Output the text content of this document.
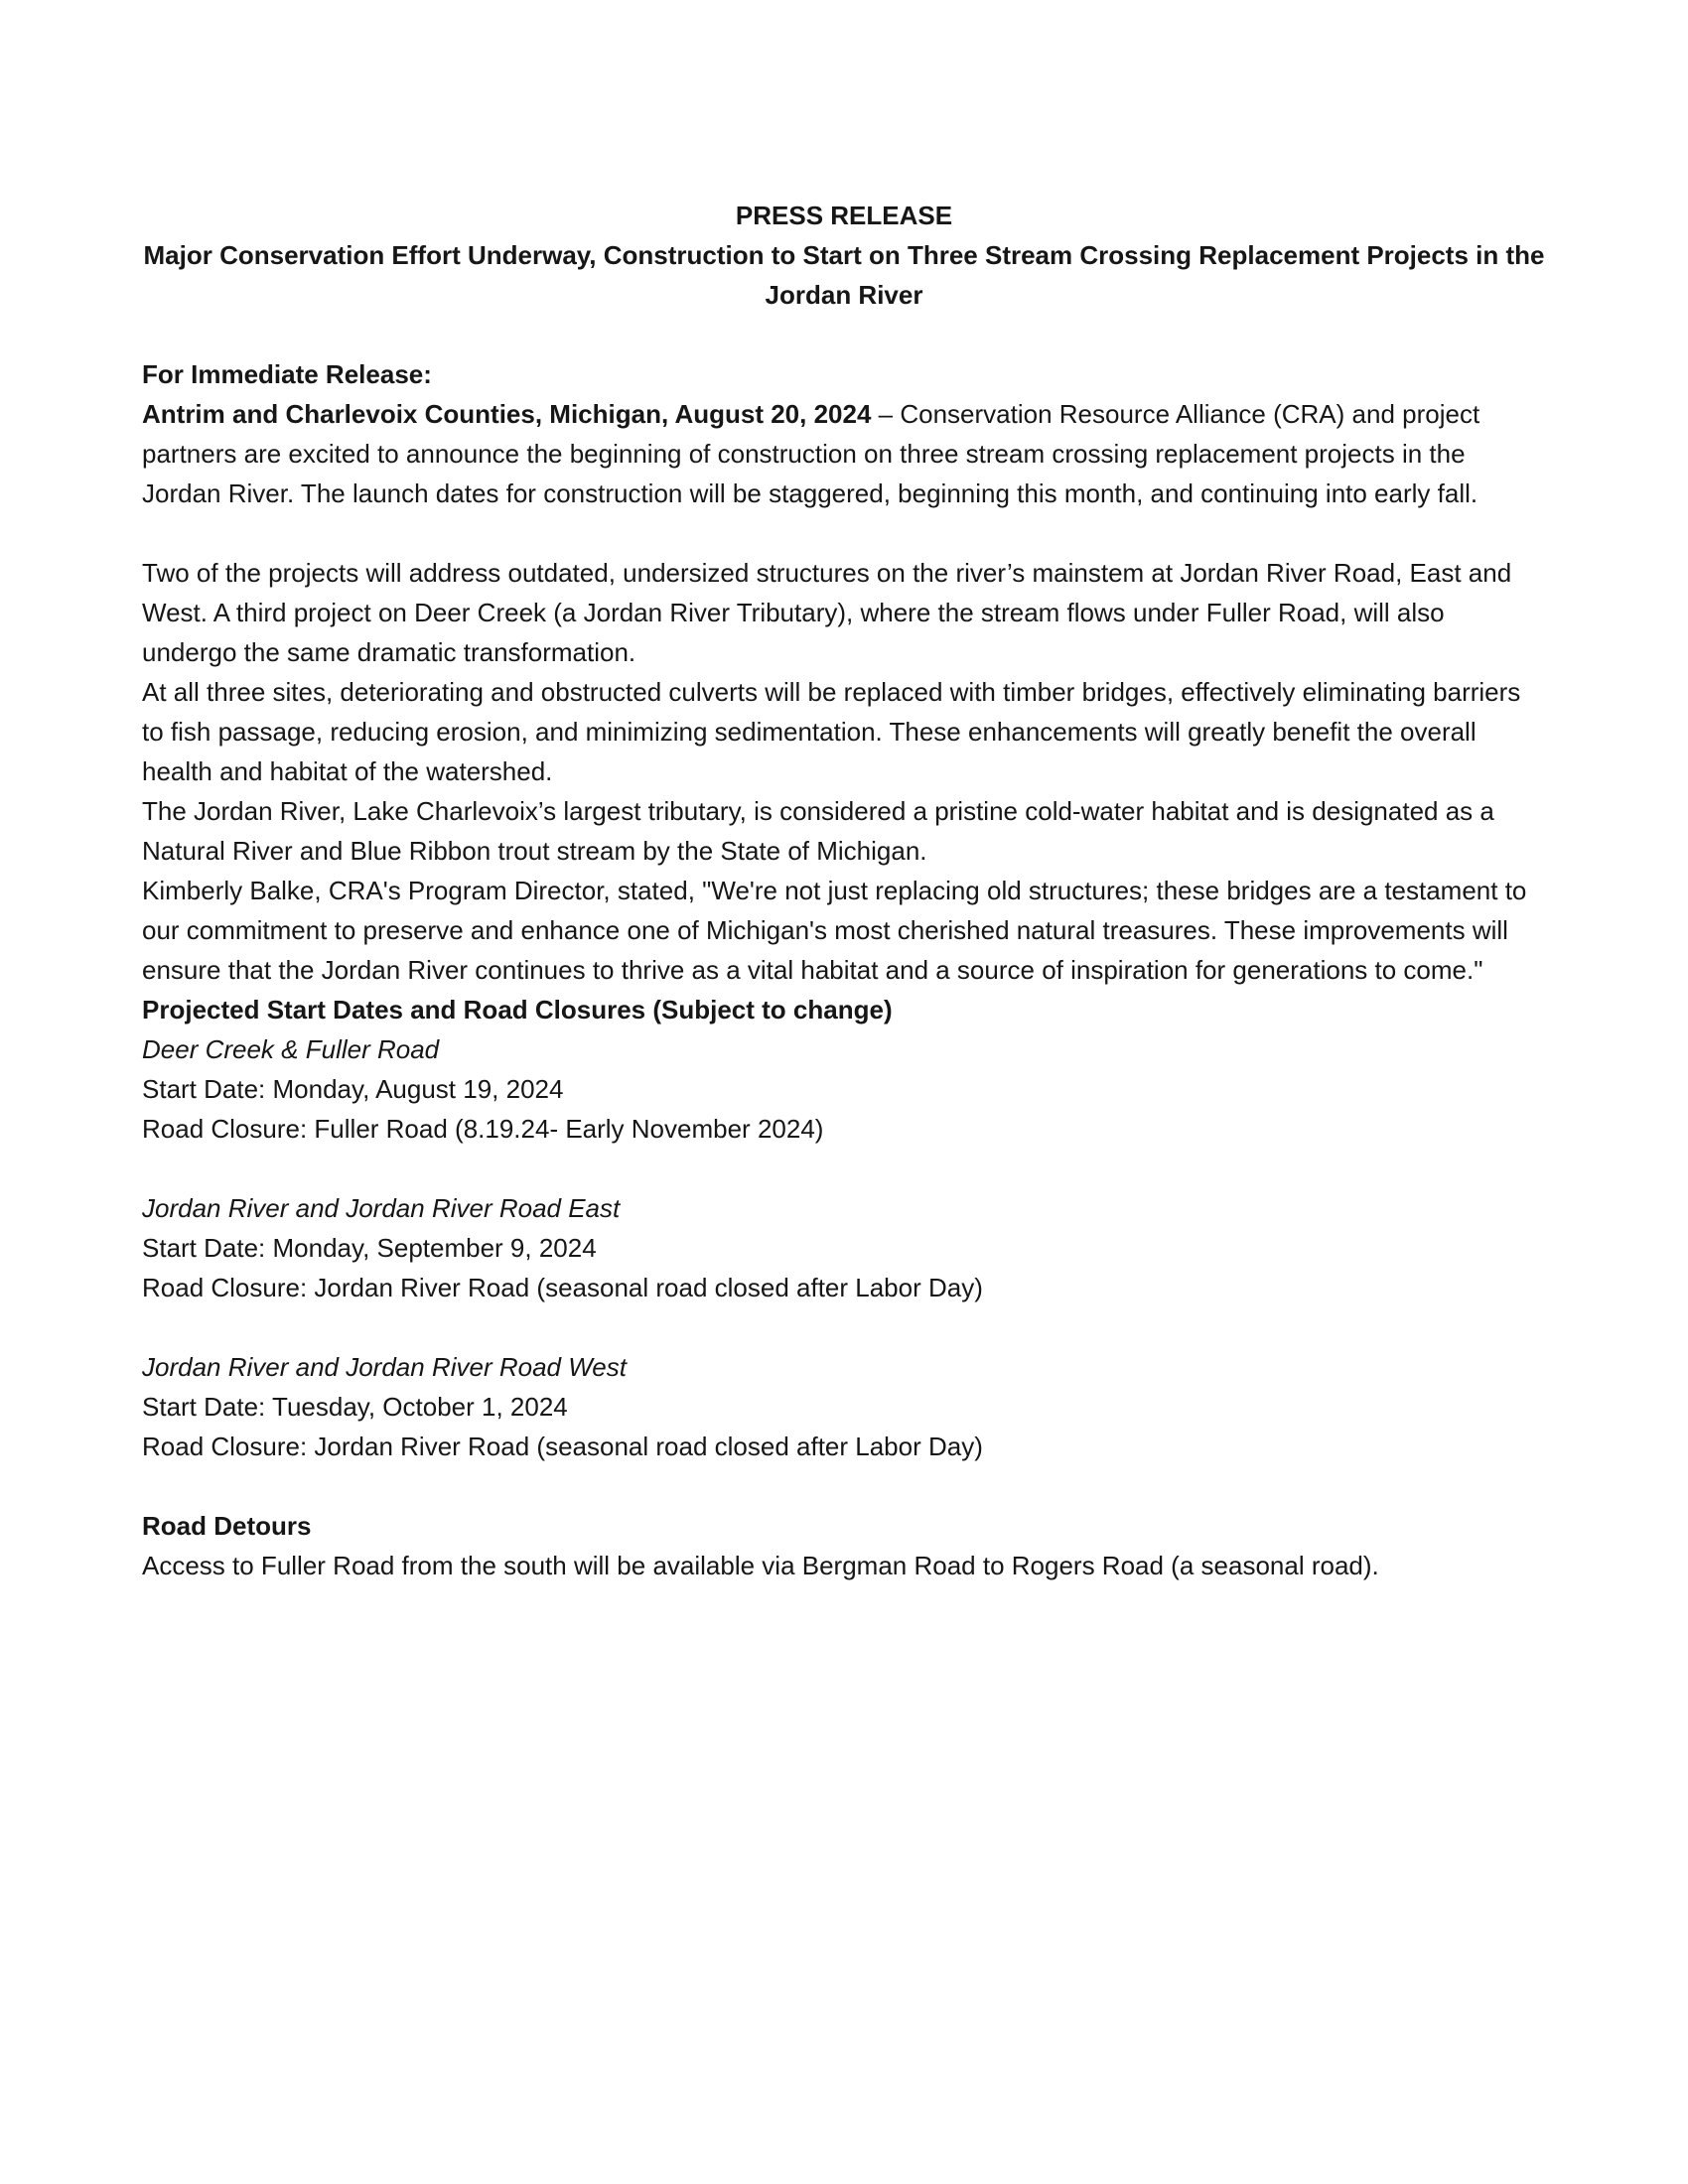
PRESS RELEASE

Major Conservation Effort Underway, Construction to Start on Three Stream Crossing Replacement Projects in the Jordan River

For Immediate Release:

Antrim and Charlevoix Counties, Michigan, August 20, 2024 – Conservation Resource Alliance (CRA) and project partners are excited to announce the beginning of construction on three stream crossing replacement projects in the Jordan River. The launch dates for construction will be staggered, beginning this month, and continuing into early fall.

Two of the projects will address outdated, undersized structures on the river’s mainstem at Jordan River Road, East and West. A third project on Deer Creek (a Jordan River Tributary), where the stream flows under Fuller Road, will also undergo the same dramatic transformation.

At all three sites, deteriorating and obstructed culverts will be replaced with timber bridges, effectively eliminating barriers to fish passage, reducing erosion, and minimizing sedimentation. These enhancements will greatly benefit the overall health and habitat of the watershed.

The Jordan River, Lake Charlevoix’s largest tributary, is considered a pristine cold-water habitat and is designated as a Natural River and Blue Ribbon trout stream by the State of Michigan.

Kimberly Balke, CRA's Program Director, stated, "We're not just replacing old structures; these bridges are a testament to our commitment to preserve and enhance one of Michigan's most cherished natural treasures. These improvements will ensure that the Jordan River continues to thrive as a vital habitat and a source of inspiration for generations to come."

Projected Start Dates and Road Closures (Subject to change)

Deer Creek & Fuller Road

Start Date: Monday, August 19, 2024

Road Closure: Fuller Road (8.19.24- Early November 2024)

Jordan River and Jordan River Road East

Start Date: Monday, September 9, 2024

Road Closure: Jordan River Road (seasonal road closed after Labor Day)

Jordan River and Jordan River Road West

Start Date: Tuesday, October 1, 2024

Road Closure: Jordan River Road (seasonal road closed after Labor Day)

Road Detours

Access to Fuller Road from the south will be available via Bergman Road to Rogers Road (a seasonal road).
